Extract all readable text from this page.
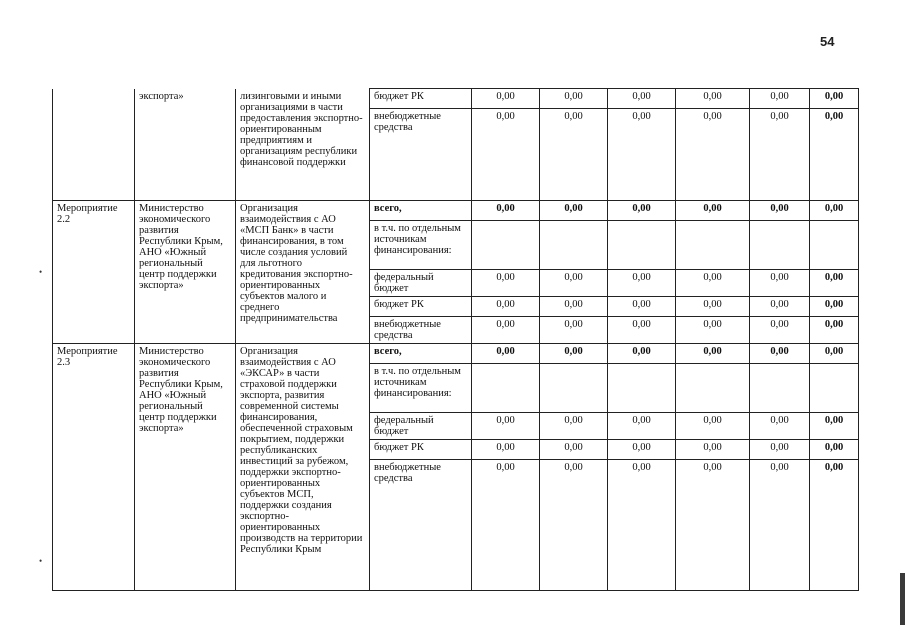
54
•
•
	экспорта»	лизинговыми и иными организациями в части предоставления экспортно-ориентированным предприятиям и организациям республики финансовой поддержки	бюджет РК	0,00	0,00	0,00	0,00	0,00	0,00
			внебюджетные средства	0,00	0,00	0,00	0,00	0,00	0,00
Мероприятие 2.2	Министерство экономического развития Республики Крым, АНО «Южный региональный центр поддержки экспорта»	Организация взаимодействия с АО «МСП Банк» в части финансирования, в том числе создания условий для льготного кредитования экспортно-ориентированных субъектов малого и среднего предпринимательства	всего,	0,00	0,00	0,00	0,00	0,00	0,00
			в т.ч. по отдельным источникам финансирования:						
			федеральный бюджет	0,00	0,00	0,00	0,00	0,00	0,00
			бюджет РК	0,00	0,00	0,00	0,00	0,00	0,00
			внебюджетные средства	0,00	0,00	0,00	0,00	0,00	0,00
Мероприятие 2.3	Министерство экономического развития Республики Крым, АНО «Южный региональный центр поддержки экспорта»	Организация взаимодействия с АО «ЭКСАР» в части страховой поддержки экспорта, развития современной системы финансирования, обеспеченной страховым покрытием, поддержки республиканских инвестиций за рубежом, поддержки экспортно-ориентированных субъектов МСП, поддержки создания экспортно-ориентированных производств на территории Республики Крым	всего,	0,00	0,00	0,00	0,00	0,00	0,00
			в т.ч. по отдельным источникам финансирования:						
			федеральный бюджет	0,00	0,00	0,00	0,00	0,00	0,00
			бюджет РК	0,00	0,00	0,00	0,00	0,00	0,00
			внебюджетные средства	0,00	0,00	0,00	0,00	0,00	0,00
